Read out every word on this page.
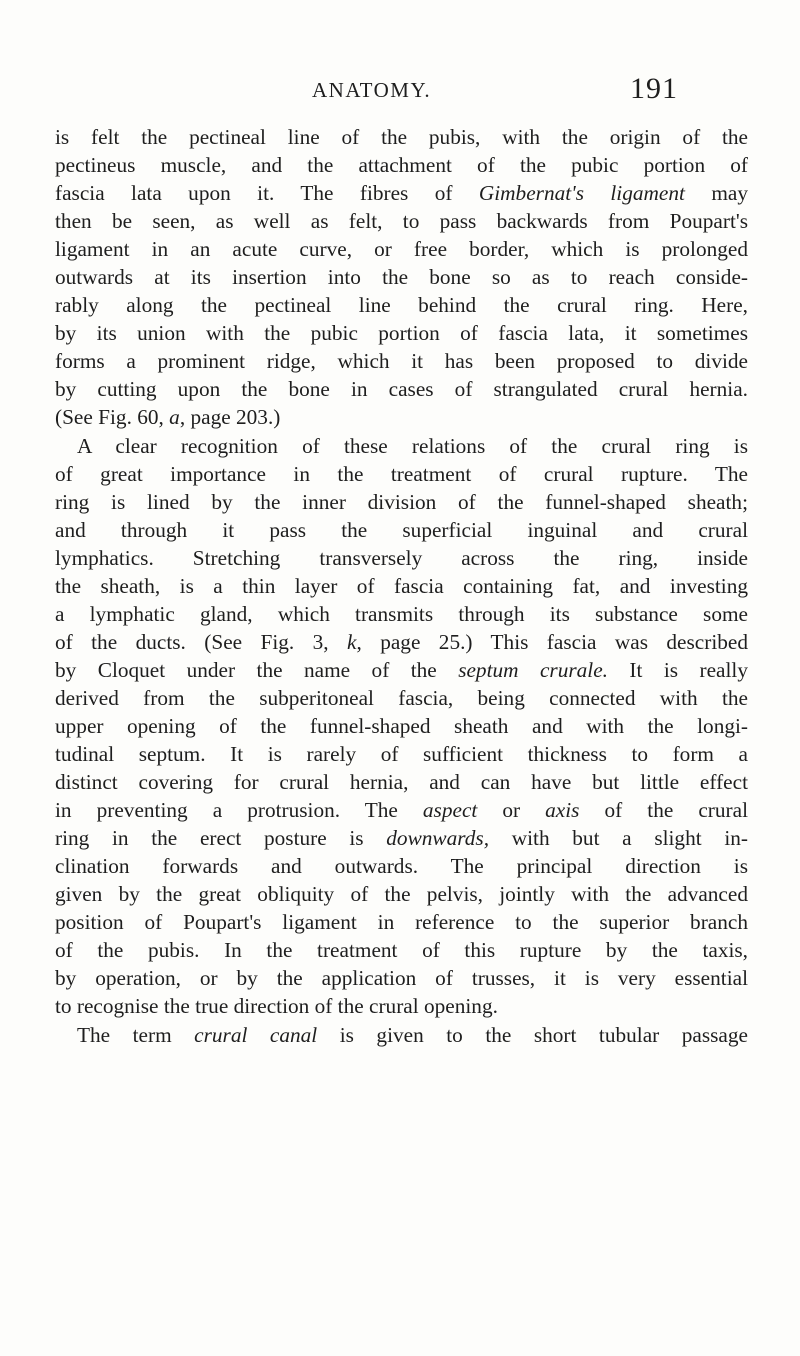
ANATOMY.	191
is felt the pectineal line of the pubis, with the origin of the
pectineus muscle, and the attachment of the pubic portion of
fascia lata upon it. The fibres of Gimbernat's ligament may
then be seen, as well as felt, to pass backwards from Poupart's
ligament in an acute curve, or free border, which is prolonged
outwards at its insertion into the bone so as to reach conside-
rably along the pectineal line behind the crural ring. Here,
by its union with the pubic portion of fascia lata, it sometimes
forms a prominent ridge, which it has been proposed to divide
by cutting upon the bone in cases of strangulated crural hernia.
(See Fig. 60, a, page 203.)
A clear recognition of these relations of the crural ring is
of great importance in the treatment of crural rupture. The
ring is lined by the inner division of the funnel-shaped sheath;
and through it pass the superficial inguinal and crural
lymphatics. Stretching transversely across the ring, inside
the sheath, is a thin layer of fascia containing fat, and investing
a lymphatic gland, which transmits through its substance some
of the ducts. (See Fig. 3, k, page 25.) This fascia was described
by Cloquet under the name of the septum crurale. It is really
derived from the subperitoneal fascia, being connected with the
upper opening of the funnel-shaped sheath and with the longi-
tudinal septum. It is rarely of sufficient thickness to form a
distinct covering for crural hernia, and can have but little effect
in preventing a protrusion. The aspect or axis of the crural
ring in the erect posture is downwards, with but a slight in-
clination forwards and outwards. The principal direction is
given by the great obliquity of the pelvis, jointly with the advanced
position of Poupart's ligament in reference to the superior branch
of the pubis. In the treatment of this rupture by the taxis,
by operation, or by the application of trusses, it is very essential
to recognise the true direction of the crural opening.
The term crural canal is given to the short tubular passage
